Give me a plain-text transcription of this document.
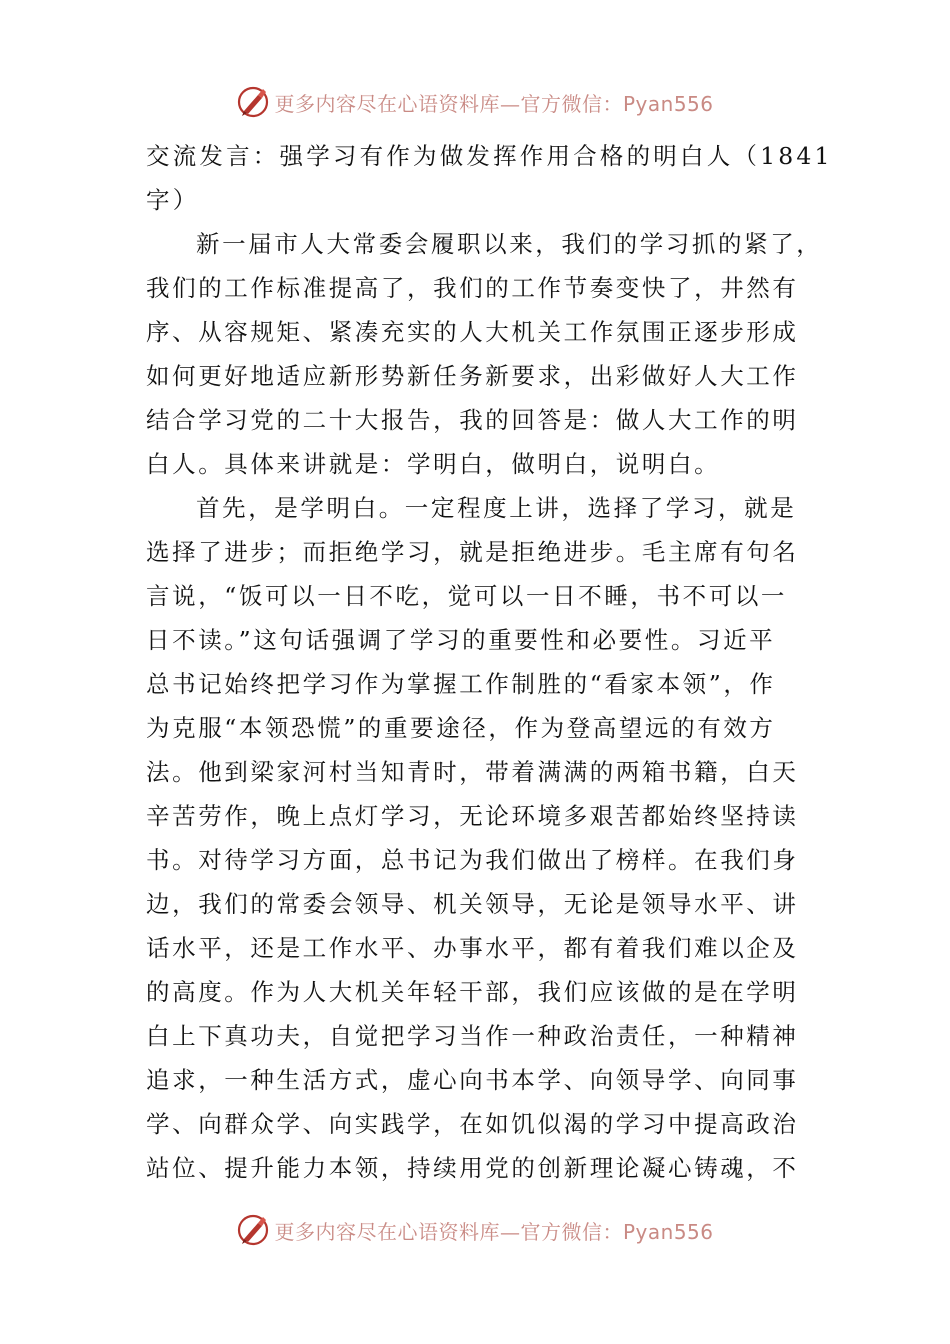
更多内容尽在心语资料库—官方微信：Pyan556
交流发言：强学习有作为做发挥作用合格的明白人（1841
字）
新一届市人大常委会履职以来，我们的学习抓的紧了，
我们的工作标准提高了，我们的工作节奏变快了，井然有
序、从容规矩、紧凑充实的人大机关工作氛围正逐步形成
如何更好地适应新形势新任务新要求，出彩做好人大工作
结合学习党的二十大报告，我的回答是：做人大工作的明
白人。具体来讲就是：学明白，做明白，说明白。
首先，是学明白。一定程度上讲，选择了学习，就是
选择了进步；而拒绝学习，就是拒绝进步。毛主席有句名
言说，“饭可以一日不吃，觉可以一日不睡，书不可以一
日不读。”这句话强调了学习的重要性和必要性。习近平
总书记始终把学习作为掌握工作制胜的“看家本领”，作
为克服“本领恐慌”的重要途径，作为登高望远的有效方
法。他到梁家河村当知青时，带着满满的两箱书籍，白天
辛苦劳作，晚上点灯学习，无论环境多艰苦都始终坚持读
书。对待学习方面，总书记为我们做出了榜样。在我们身
边，我们的常委会领导、机关领导，无论是领导水平、讲
话水平，还是工作水平、办事水平，都有着我们难以企及
的高度。作为人大机关年轻干部，我们应该做的是在学明
白上下真功夫，自觉把学习当作一种政治责任，一种精神
追求，一种生活方式，虚心向书本学、向领导学、向同事
学、向群众学、向实践学，在如饥似渴的学习中提高政治
站位、提升能力本领，持续用党的创新理论凝心铸魂，不
更多内容尽在心语资料库—官方微信：Pyan556
